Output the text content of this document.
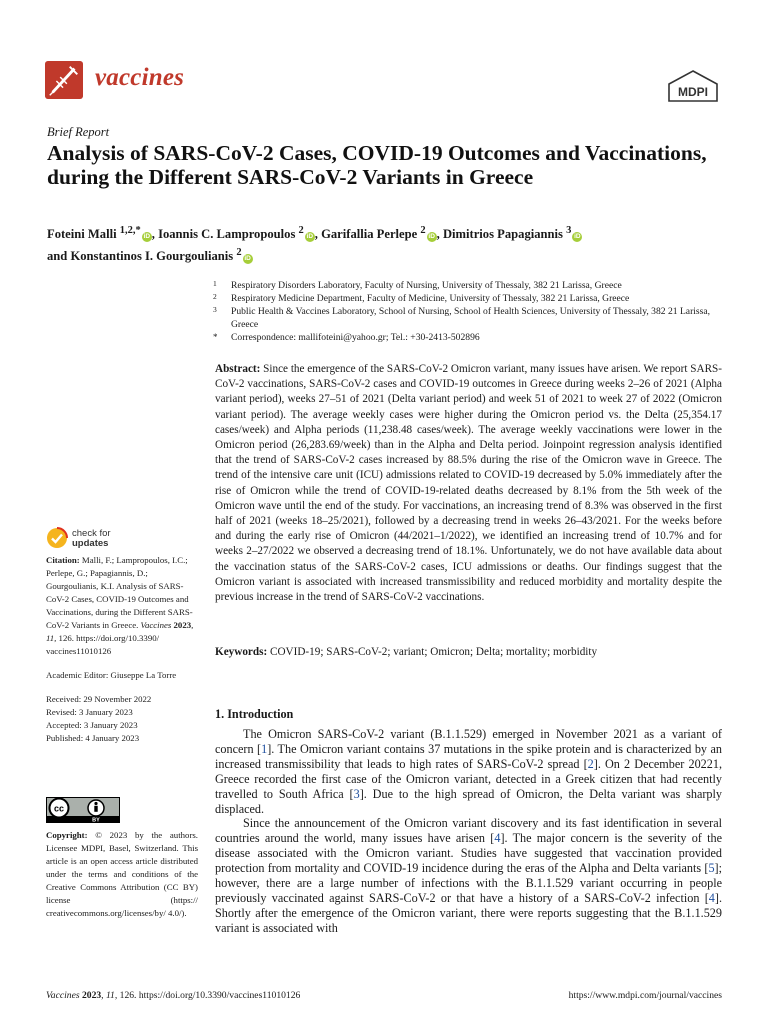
vaccines
MDPI
Brief Report
Analysis of SARS-CoV-2 Cases, COVID-19 Outcomes and Vaccinations, during the Different SARS-CoV-2 Variants in Greece
Foteini Malli $^{1,2,*}$iD , Ioannis C. Lampropoulos $^2$iD , Garifallia Perlepe $^2$iD , Dimitrios Papagiannis $^3$iD
and Konstantinos I. Gourgoulianis $^2$iD
1 Respiratory Disorders Laboratory, Faculty of Nursing, University of Thessaly, 382 21 Larissa, Greece
2 Respiratory Medicine Department, Faculty of Medicine, University of Thessaly, 382 21 Larissa, Greece
3 Public Health & Vaccines Laboratory, School of Nursing, School of Health Sciences, University of Thessaly, 382 21 Larissa, Greece
* Correspondence: mallifoteini@yahoo.gr; Tel.: +30-2413-502896
Abstract: Since the emergence of the SARS-CoV-2 Omicron variant, many issues have arisen. We report SARS-CoV-2 vaccinations, SARS-CoV-2 cases and COVID-19 outcomes in Greece during weeks 2–26 of 2021 (Alpha variant period), weeks 27–51 of 2021 (Delta variant period) and week 51 of 2021 to week 27 of 2022 (Omicron variant period). The average weekly cases were higher during the Omicron period vs. the Delta (25,354.17 cases/week) and Alpha periods (11,238.48 cases/week). The average weekly vaccinations were lower in the Omicron period (26,283.69/week) than in the Alpha and Delta period. Joinpoint regression analysis identified that the trend of SARS-CoV-2 cases increased by 88.5% during the rise of the Omicron wave in Greece. The trend of the intensive care unit (ICU) admissions related to COVID-19 decreased by 5.0% immediately after the rise of Omicron while the trend of COVID-19-related deaths decreased by 8.1% from the 5th week of the Omicron wave until the end of the study. For vaccinations, an increasing trend of 8.3% was observed in the first half of 2021 (weeks 18–25/2021), followed by a decreasing trend in weeks 26–43/2021. For the weeks before and during the early rise of Omicron (44/2021–1/2022), we identified an increasing trend of 10.7% and for weeks 2–27/2022 we observed a decreasing trend of 18.1%. Unfortunately, we do not have available data about the vaccination status of the SARS-CoV-2 cases, ICU admissions or deaths. Our findings suggest that the Omicron variant is associated with increased transmissibility and reduced morbidity and mortality despite the previous increase in the trend of SARS-CoV-2 vaccinations.
Keywords: COVID-19; SARS-CoV-2; variant; Omicron; Delta; mortality; morbidity
check for
updates

Citation: Malli, F.; Lampropoulos, I.C.; Perlepe, G.; Papagiannis, D.; Gourgoulianis, K.I. Analysis of SARS-CoV-2 Cases, COVID-19 Outcomes and Vaccinations, during the Different SARS-CoV-2 Variants in Greece. Vaccines 2023, 11, 126. https://doi.org/10.3390/ vaccines11010126

Academic Editor: Giuseppe La Torre

Received: 29 November 2022

Revised: 3 January 2023

Accepted: 3 January 2023

Published: 4 January 2023

cc
BY
Copyright: © 2023 by the authors. Licensee MDPI, Basel, Switzerland. This article is an open access article distributed under the terms and conditions of the Creative Commons Attribution (CC BY) license (https:// creativecommons.org/licenses/by/ 4.0/).
1. Introduction

The Omicron SARS-CoV-2 variant (B.1.1.529) emerged in November 2021 as a variant of concern [1]. The Omicron variant contains 37 mutations in the spike protein and is characterized by an increased transmissibility that leads to high rates of SARS-CoV-2 spread [2]. On 2 December 20221, Greece recorded the first case of the Omicron variant, detected in a Greek citizen that had recently travelled to South Africa [3]. Due to the high spread of Omicron, the Delta variant was sharply displaced.

Since the announcement of the Omicron variant discovery and its fast identification in several countries around the world, many issues have arisen [4]. The major concern is the severity of the disease associated with the Omicron variant. Studies have suggested that vaccination provided protection from mortality and COVID-19 incidence during the eras of the Alpha and Delta variants [5]; however, there are a large number of infections with the B.1.1.529 variant occurring in people previously vaccinated against SARS-CoV-2 or that have a history of a SARS-CoV-2 infection [4]. Shortly after the emergence of the Omicron variant, there were reports suggesting that the B.1.1.529 variant is associated with

Vaccines 2023, 11, 126. https://doi.org/10.3390/vaccines11010126	https://www.mdpi.com/journal/vaccines
